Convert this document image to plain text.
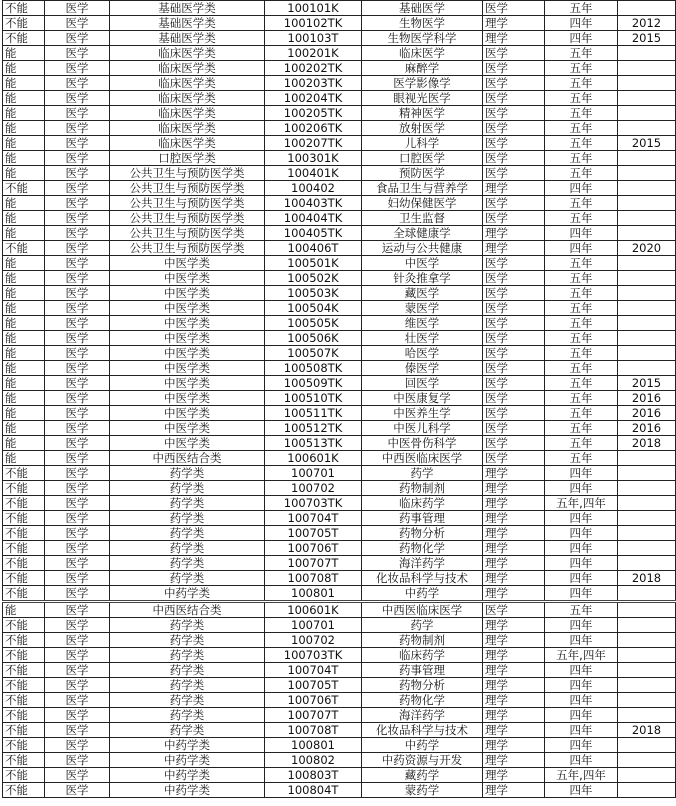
不能	医学	基础医学类	100101K	基础医学	医学	五年	
不能	医学	基础医学类	100102TK	生物医学	理学	四年	2012
不能	医学	基础医学类	100103T	生物医学科学	理学	四年	2015
能	医学	临床医学类	100201K	临床医学	医学	五年	
能	医学	临床医学类	100202TK	麻醉学	医学	五年	
能	医学	临床医学类	100203TK	医学影像学	医学	五年	
能	医学	临床医学类	100204TK	眼视光医学	医学	五年	
能	医学	临床医学类	100205TK	精神医学	医学	五年	
能	医学	临床医学类	100206TK	放射医学	医学	五年	
能	医学	临床医学类	100207TK	儿科学	医学	五年	2015
能	医学	口腔医学类	100301K	口腔医学	医学	五年	
能	医学	公共卫生与预防医学类	100401K	预防医学	医学	五年	
不能	医学	公共卫生与预防医学类	100402	食品卫生与营养学	理学	四年	
能	医学	公共卫生与预防医学类	100403TK	妇幼保健医学	医学	五年	
能	医学	公共卫生与预防医学类	100404TK	卫生监督	医学	五年	
能	医学	公共卫生与预防医学类	100405TK	全球健康学	理学	四年	
不能	医学	公共卫生与预防医学类	100406T	运动与公共健康	理学	四年	2020
能	医学	中医学类	100501K	中医学	医学	五年	
能	医学	中医学类	100502K	针灸推拿学	医学	五年	
能	医学	中医学类	100503K	藏医学	医学	五年	
能	医学	中医学类	100504K	蒙医学	医学	五年	
能	医学	中医学类	100505K	维医学	医学	五年	
能	医学	中医学类	100506K	壮医学	医学	五年	
能	医学	中医学类	100507K	哈医学	医学	五年	
能	医学	中医学类	100508TK	傣医学	医学	五年	
能	医学	中医学类	100509TK	回医学	医学	五年	2015
能	医学	中医学类	100510TK	中医康复学	医学	五年	2016
能	医学	中医学类	100511TK	中医养生学	医学	五年	2016
能	医学	中医学类	100512TK	中医儿科学	医学	五年	2016
能	医学	中医学类	100513TK	中医骨伤科学	医学	五年	2018
能	医学	中西医结合类	100601K	中西医临床医学	医学	五年	
不能	医学	药学类	100701	药学	理学	四年	
不能	医学	药学类	100702	药物制剂	理学	四年	
不能	医学	药学类	100703TK	临床药学	理学	五年,四年	
不能	医学	药学类	100704T	药事管理	理学	四年	
不能	医学	药学类	100705T	药物分析	理学	四年	
不能	医学	药学类	100706T	药物化学	理学	四年	
不能	医学	药学类	100707T	海洋药学	理学	四年	
不能	医学	药学类	100708T	化妆品科学与技术	理学	四年	2018
不能	医学	中药学类	100801	中药学	理学	四年	
能	医学	中西医结合类	100601K	中西医临床医学	医学	五年	
不能	医学	药学类	100701	药学	理学	四年	
不能	医学	药学类	100702	药物制剂	理学	四年	
不能	医学	药学类	100703TK	临床药学	理学	五年,四年	
不能	医学	药学类	100704T	药事管理	理学	四年	
不能	医学	药学类	100705T	药物分析	理学	四年	
不能	医学	药学类	100706T	药物化学	理学	四年	
不能	医学	药学类	100707T	海洋药学	理学	四年	
不能	医学	药学类	100708T	化妆品科学与技术	理学	四年	2018
不能	医学	中药学类	100801	中药学	理学	四年	
不能	医学	中药学类	100802	中药资源与开发	理学	四年	
不能	医学	中药学类	100803T	藏药学	理学	五年,四年	
不能	医学	中药学类	100804T	蒙药学	理学	四年	
